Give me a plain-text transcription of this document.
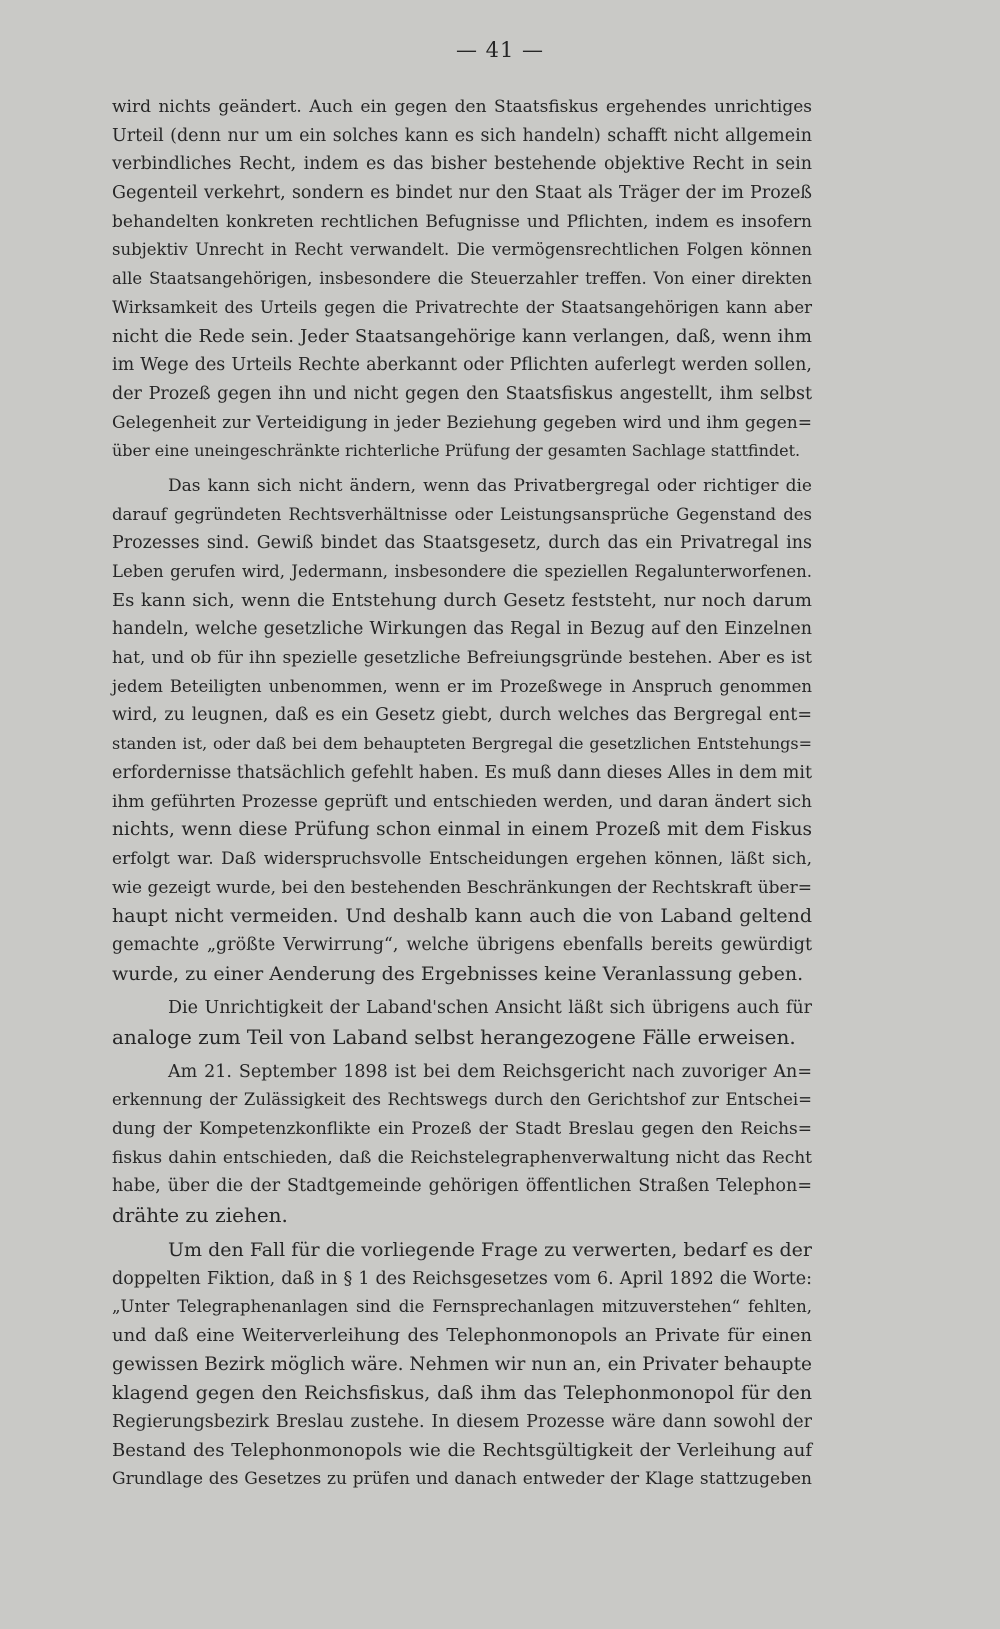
— 41 —
wird nichts geändert. Auch ein gegen den Staatsfiskus ergehendes unrichtiges
Urteil (denn nur um ein solches kann es sich handeln) schafft nicht allgemein
verbindliches Recht, indem es das bisher bestehende objektive Recht in sein
Gegenteil verkehrt, sondern es bindet nur den Staat als Träger der im Prozeß
behandelten konkreten rechtlichen Befugnisse und Pflichten, indem es insofern
subjektiv Unrecht in Recht verwandelt. Die vermögensrechtlichen Folgen können
alle Staatsangehörigen, insbesondere die Steuerzahler treffen. Von einer direkten
Wirksamkeit des Urteils gegen die Privatrechte der Staatsangehörigen kann aber
nicht die Rede sein. Jeder Staatsangehörige kann verlangen, daß, wenn ihm
im Wege des Urteils Rechte aberkannt oder Pflichten auferlegt werden sollen,
der Prozeß gegen ihn und nicht gegen den Staatsfiskus angestellt, ihm selbst
Gelegenheit zur Verteidigung in jeder Beziehung gegeben wird und ihm gegen=
über eine uneingeschränkte richterliche Prüfung der gesamten Sachlage stattfindet.
Das kann sich nicht ändern, wenn das Privatbergregal oder richtiger die
darauf gegründeten Rechtsverhältnisse oder Leistungsansprüche Gegenstand des
Prozesses sind. Gewiß bindet das Staatsgesetz, durch das ein Privatregal ins
Leben gerufen wird, Jedermann, insbesondere die speziellen Regalunterworfenen.
Es kann sich, wenn die Entstehung durch Gesetz feststeht, nur noch darum
handeln, welche gesetzliche Wirkungen das Regal in Bezug auf den Einzelnen
hat, und ob für ihn spezielle gesetzliche Befreiungsgründe bestehen. Aber es ist
jedem Beteiligten unbenommen, wenn er im Prozeßwege in Anspruch genommen
wird, zu leugnen, daß es ein Gesetz giebt, durch welches das Bergregal ent=
standen ist, oder daß bei dem behaupteten Bergregal die gesetzlichen Entstehungs=
erfordernisse thatsächlich gefehlt haben. Es muß dann dieses Alles in dem mit
ihm geführten Prozesse geprüft und entschieden werden, und daran ändert sich
nichts, wenn diese Prüfung schon einmal in einem Prozeß mit dem Fiskus
erfolgt war. Daß widerspruchsvolle Entscheidungen ergehen können, läßt sich,
wie gezeigt wurde, bei den bestehenden Beschränkungen der Rechtskraft über=
haupt nicht vermeiden. Und deshalb kann auch die von Laband geltend
gemachte „größte Verwirrung“, welche übrigens ebenfalls bereits gewürdigt
wurde, zu einer Aenderung des Ergebnisses keine Veranlassung geben.
Die Unrichtigkeit der Laband'schen Ansicht läßt sich übrigens auch für
analoge zum Teil von Laband selbst herangezogene Fälle erweisen.
Am 21. September 1898 ist bei dem Reichsgericht nach zuvoriger An=
erkennung der Zulässigkeit des Rechtswegs durch den Gerichtshof zur Entschei=
dung der Kompetenzkonflikte ein Prozeß der Stadt Breslau gegen den Reichs=
fiskus dahin entschieden, daß die Reichstelegraphenverwaltung nicht das Recht
habe, über die der Stadtgemeinde gehörigen öffentlichen Straßen Telephon=
drähte zu ziehen.
Um den Fall für die vorliegende Frage zu verwerten, bedarf es der
doppelten Fiktion, daß in § 1 des Reichsgesetzes vom 6. April 1892 die Worte:
„Unter Telegraphenanlagen sind die Fernsprechanlagen mitzuverstehen“ fehlten,
und daß eine Weiterverleihung des Telephonmonopols an Private für einen
gewissen Bezirk möglich wäre. Nehmen wir nun an, ein Privater behaupte
klagend gegen den Reichsfiskus, daß ihm das Telephonmonopol für den
Regierungsbezirk Breslau zustehe. In diesem Prozesse wäre dann sowohl der
Bestand des Telephonmonopols wie die Rechtsgültigkeit der Verleihung auf
Grundlage des Gesetzes zu prüfen und danach entweder der Klage stattzugeben
